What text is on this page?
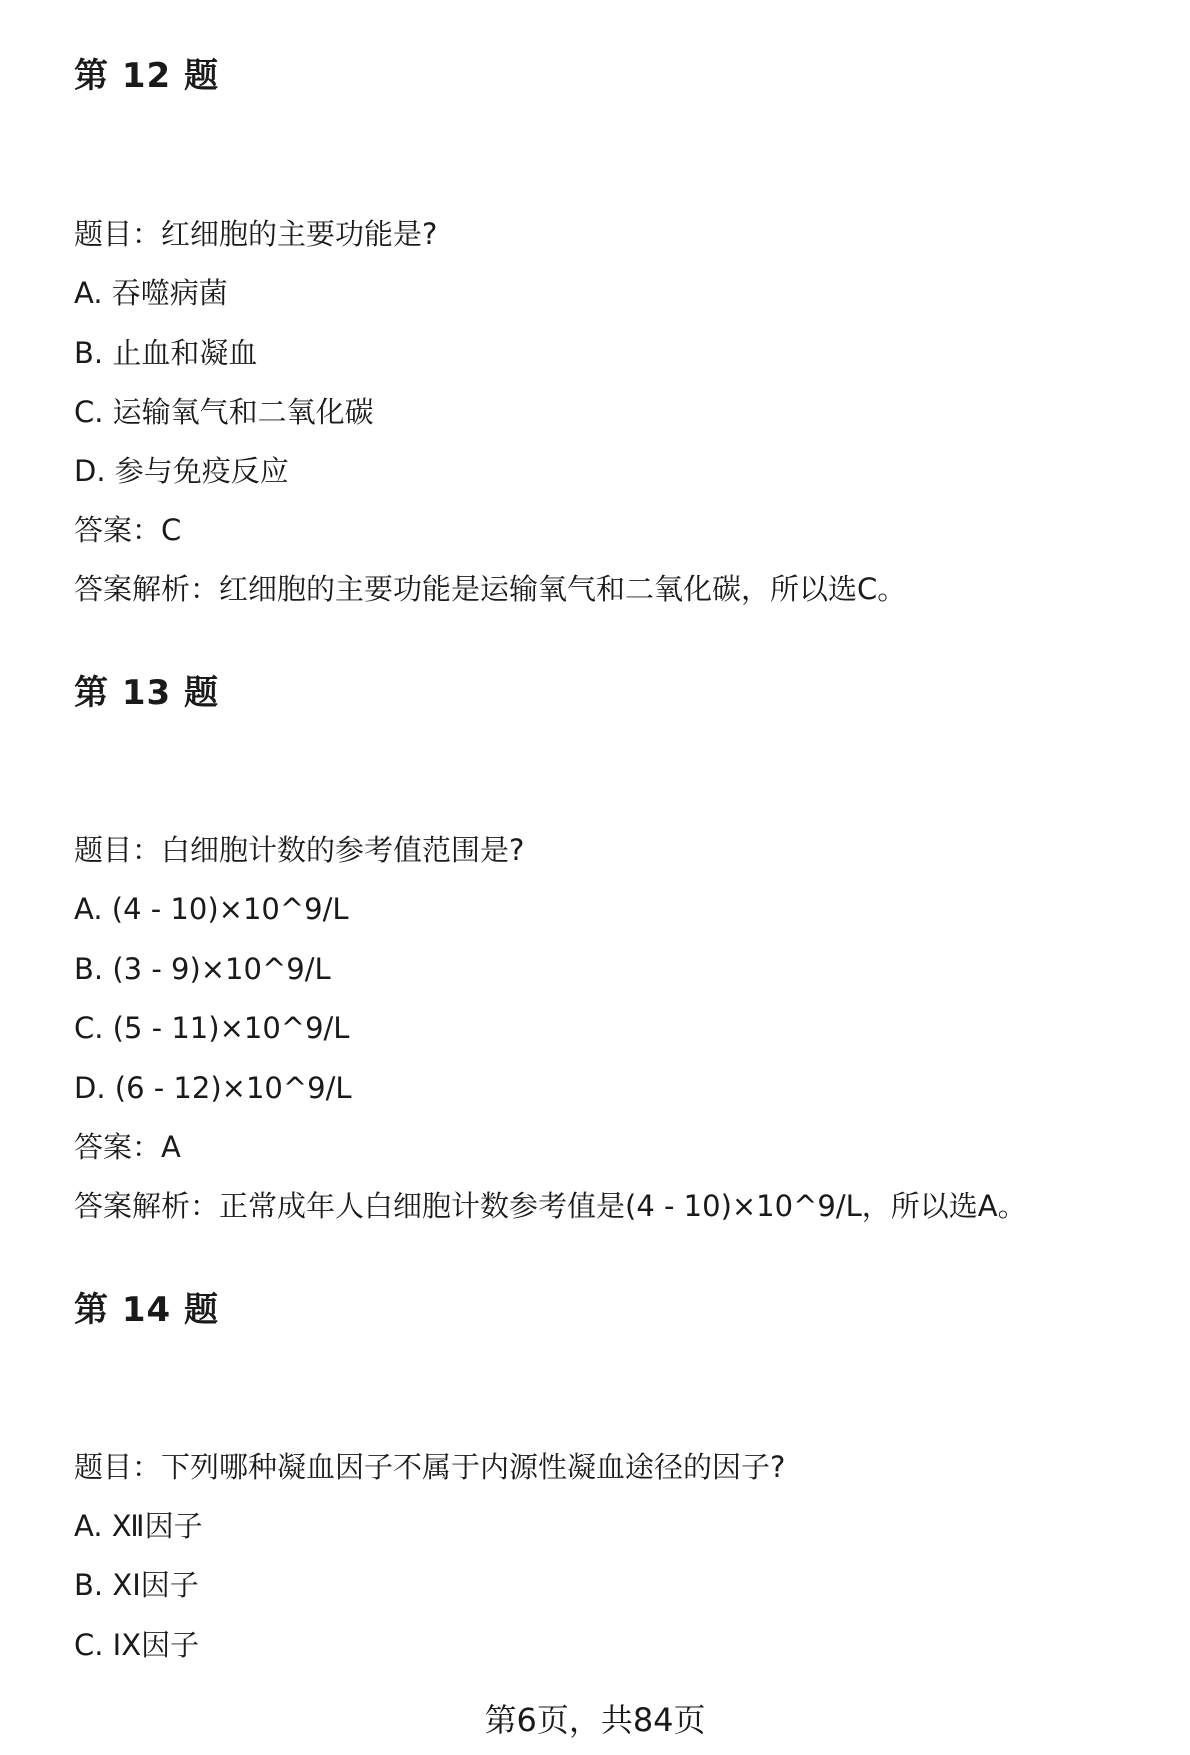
第 12 题

题目：红细胞的主要功能是?

A. 吞噬病菌

B. 止血和凝血

C. 运输氧气和二氧化碳

D. 参与免疫反应

答案：C

答案解析：红细胞的主要功能是运输氧气和二氧化碳，所以选C。

第 13 题

题目：白细胞计数的参考值范围是?

A. (4 - 10)×10^9/L

B. (3 - 9)×10^9/L

C. (5 - 11)×10^9/L

D. (6 - 12)×10^9/L

答案：A

答案解析：正常成年人白细胞计数参考值是(4 - 10)×10^9/L，所以选A。

第 14 题

题目：下列哪种凝血因子不属于内源性凝血途径的因子?

A. Ⅻ因子

B. XI因子

C. IX因子

第6页，共84页
